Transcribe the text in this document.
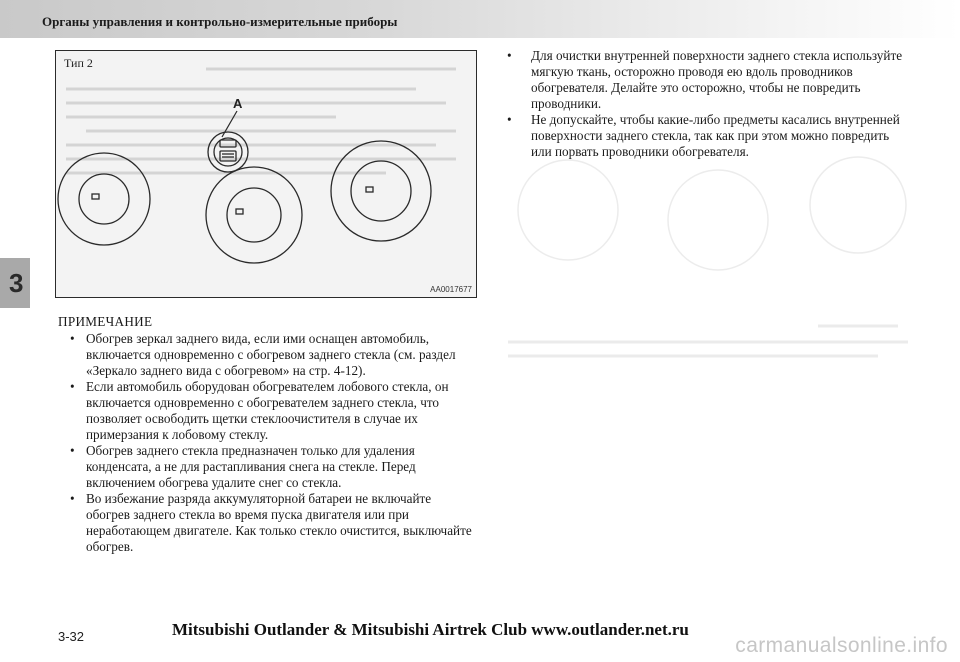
Органы управления и контрольно-измерительные приборы
3
A
Тип 2
AA0017677
ПРИМЕЧАНИЕ
• Обогрев зеркал заднего вида, если ими оснащен автомобиль, включается одновременно с обогревом заднего стекла (см. раздел «Зеркало заднего вида с обогревом» на стр. 4-12).
• Если автомобиль оборудован обогревателем лобового стекла, он включается одновременно с обогревателем заднего стекла, что позволяет освободить щетки стеклоочистителя в случае их примерзания к лобовому стеклу.
• Обогрев заднего стекла предназначен только для удаления конденсата, а не для растапливания снега на стекле. Перед включением обогрева удалите снег со стекла.
• Во избежание разряда аккумуляторной батареи не включайте обогрев заднего стекла во время пуска двигателя или при неработающем двигателе. Как только стекло очистится, выключайте обогрев.
• Для очистки внутренней поверхности заднего стекла используйте мягкую ткань, осторожно проводя ею вдоль проводников обогревателя. Делайте это осторожно, чтобы не повредить проводники.
• Не допускайте, чтобы какие-либо предметы касались внутренней поверхности заднего стекла, так как при этом можно повредить или порвать проводники обогревателя.
3-32	Mitsubishi Outlander & Mitsubishi Airtrek Club www.outlander.net.ru
carmanualsonline.info
